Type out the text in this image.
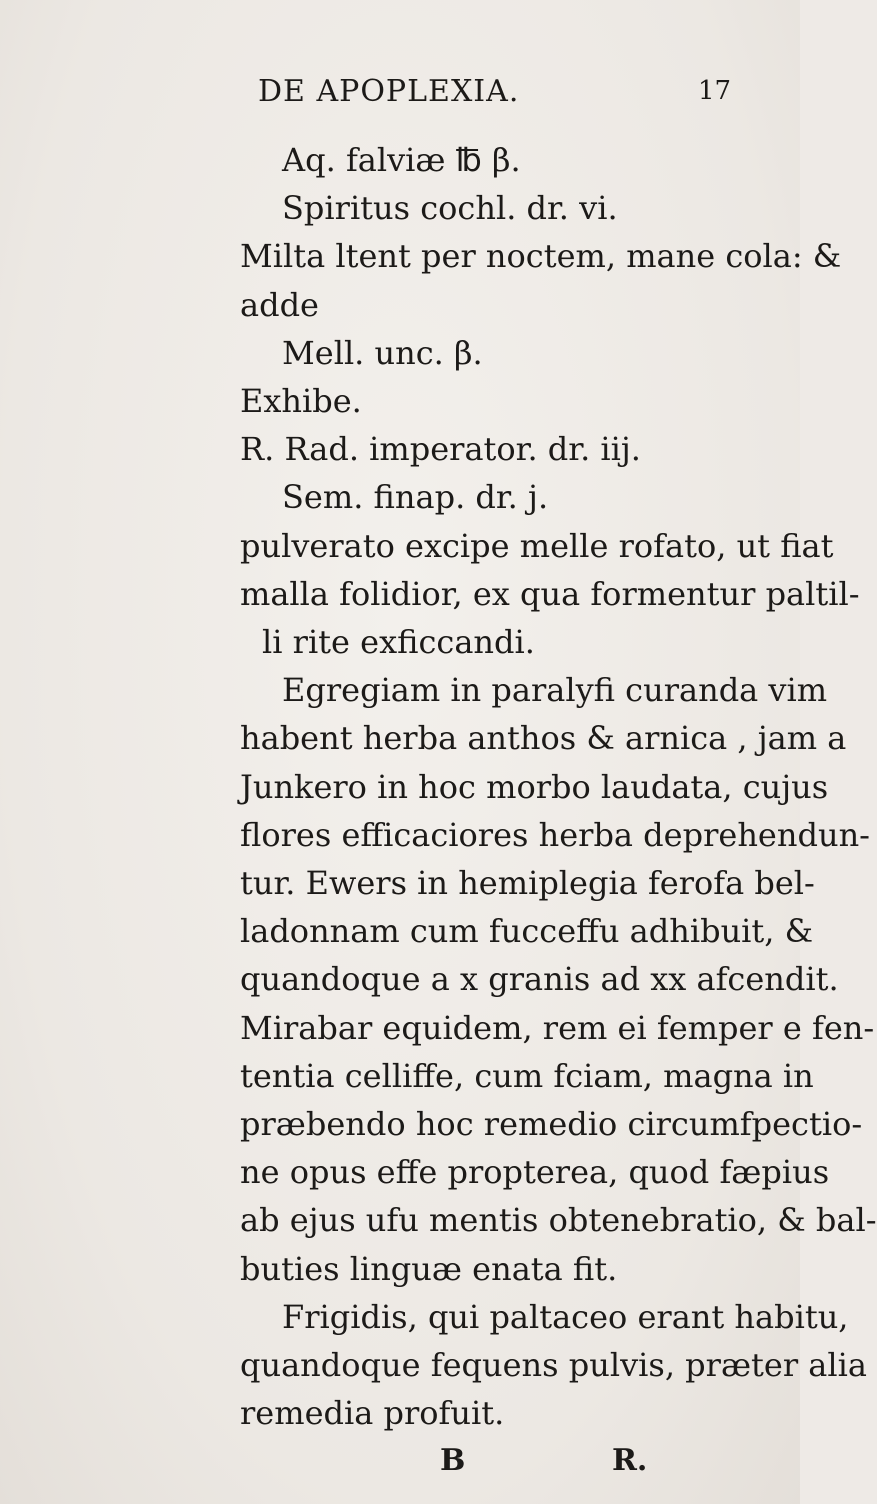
DE APOPLEXIA.	17
Aq. falviæ ℔ β.
Spiritus cochl. dr. vi.
Milta ltent per noctem, mane cola: &
adde
Mell. unc. β.
Exhibe.
R. Rad. imperator. dr. iij.
Sem. finap. dr. j.
pulverato excipe melle rofato, ut fiat
malla folidior, ex qua formentur paltil-
li rite exficcandi.
Egregiam in paralyfi curanda vim
habent herba anthos & arnica , jam a
Junkero in hoc morbo laudata, cujus
flores efficaciores herba deprehendun-
tur. Ewers in hemiplegia ferofa bel-
ladonnam cum fucceffu adhibuit, &
quandoque a x granis ad xx afcendit.
Mirabar equidem, rem ei femper e fen-
tentia celliffe, cum fciam, magna in
præbendo hoc remedio circumfpectio-
ne opus effe propterea, quod fæpius
ab ejus ufu mentis obtenebratio, & bal-
buties linguæ enata fit.
Frigidis, qui paltaceo erant habitu,
quandoque fequens pulvis, præter alia
remedia profuit.
B	R.
